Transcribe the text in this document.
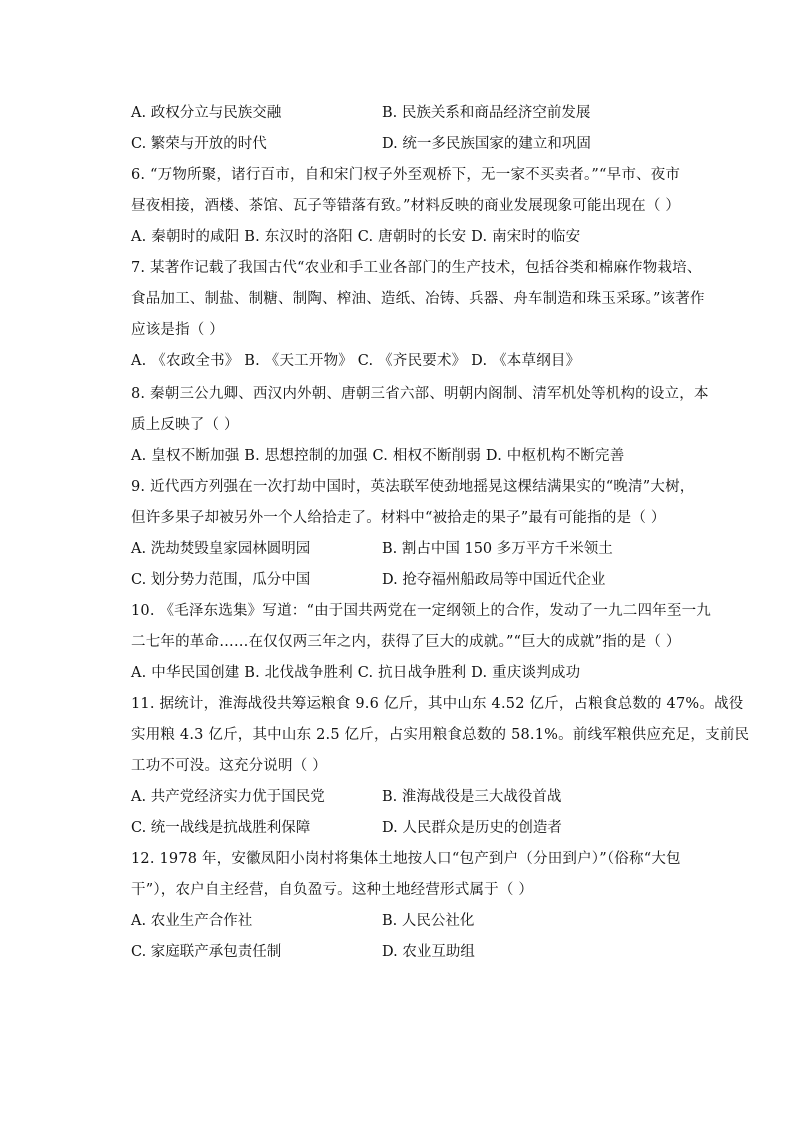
A. 政权分立与民族交融	B. 民族关系和商品经济空前发展
C. 繁荣与开放的时代	D. 统一多民族国家的建立和巩固
6. “万物所聚，诸行百市，自和宋门杈子外至观桥下，无一家不买卖者。”“早市、夜市
昼夜相接，酒楼、茶馆、瓦子等错落有致。”材料反映的商业发展现象可能出现在（ ）
A. 秦朝时的咸阳 B. 东汉时的洛阳 C. 唐朝时的长安 D. 南宋时的临安
7. 某著作记载了我国古代“农业和手工业各部门的生产技术，包括谷类和棉麻作物栽培、
食品加工、制盐、制糖、制陶、榨油、造纸、冶铸、兵器、舟车制造和珠玉采琢。”该著作
应该是指（ ）
A. 《农政全书》 B. 《天工开物》 C. 《齐民要术》 D. 《本草纲目》
8. 秦朝三公九卿、西汉内外朝、唐朝三省六部、明朝内阁制、清军机处等机构的设立，本
质上反映了（ ）
A. 皇权不断加强 B. 思想控制的加强 C. 相权不断削弱 D. 中枢机构不断完善
9. 近代西方列强在一次打劫中国时，英法联军使劲地摇晃这棵结满果实的“晚清”大树，
但许多果子却被另外一个人给拾走了。材料中“被拾走的果子”最有可能指的是（ ）
A. 洗劫焚毁皇家园林圆明园	B. 割占中国 150 多万平方千米领土
C. 划分势力范围，瓜分中国	D. 抢夺福州船政局等中国近代企业
10. 《毛泽东选集》写道：“由于国共两党在一定纲领上的合作，发动了一九二四年至一九
二七年的革命……在仅仅两三年之内，获得了巨大的成就。”“巨大的成就”指的是（ ）
A. 中华民国创建 B. 北伐战争胜利 C. 抗日战争胜利 D. 重庆谈判成功
11. 据统计，淮海战役共筹运粮食 9.6 亿斤，其中山东 4.52 亿斤，占粮食总数的 47%。战役
实用粮 4.3 亿斤，其中山东 2.5 亿斤，占实用粮食总数的 58.1%。前线军粮供应充足，支前民
工功不可没。这充分说明（ ）
A. 共产党经济实力优于国民党	B. 淮海战役是三大战役首战
C. 统一战线是抗战胜利保障	D. 人民群众是历史的创造者
12. 1978 年，安徽凤阳小岗村将集体土地按人口“包产到户（分田到户）”（俗称“大包
干”），农户自主经营，自负盈亏。这种土地经营形式属于（ ）
A. 农业生产合作社	B. 人民公社化
C. 家庭联产承包责任制	D. 农业互助组
